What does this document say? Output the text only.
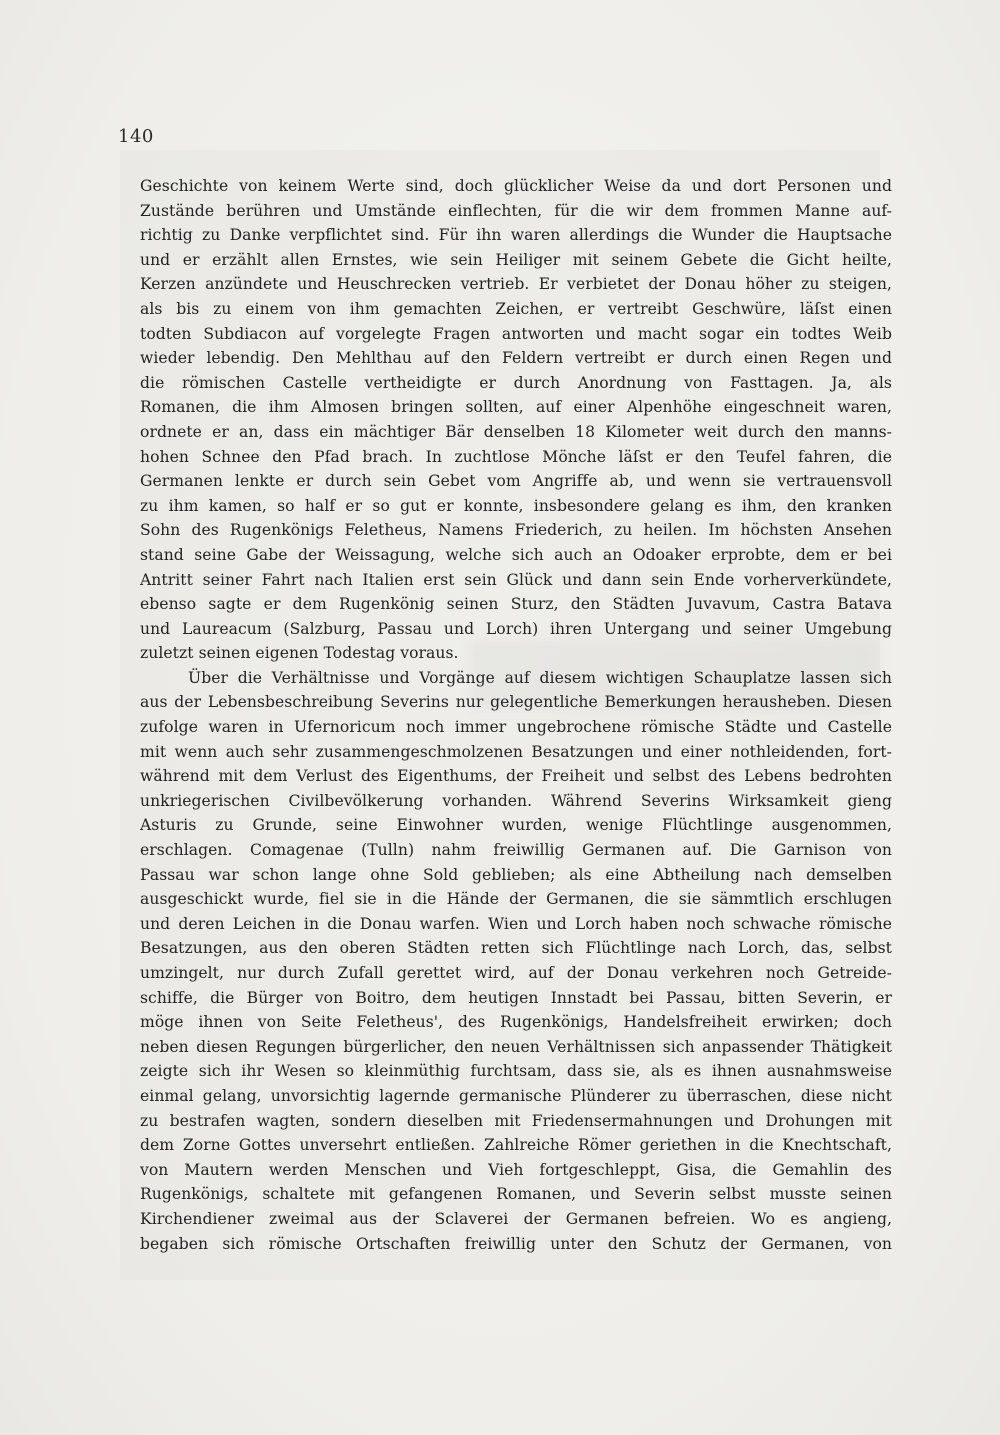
140
Geschichte von keinem Werte sind, doch glücklicher Weise da und dort Personen und
Zustände berühren und Umstände einflechten, für die wir dem frommen Manne auf-
richtig zu Danke verpflichtet sind. Für ihn waren allerdings die Wunder die Hauptsache
und er erzählt allen Ernstes, wie sein Heiliger mit seinem Gebete die Gicht heilte,
Kerzen anzündete und Heuschrecken vertrieb. Er verbietet der Donau höher zu steigen,
als bis zu einem von ihm gemachten Zeichen, er vertreibt Geschwüre, läſst einen
todten Subdiacon auf vorgelegte Fragen antworten und macht sogar ein todtes Weib
wieder lebendig. Den Mehlthau auf den Feldern vertreibt er durch einen Regen und
die römischen Castelle vertheidigte er durch Anordnung von Fasttagen. Ja, als
Romanen, die ihm Almosen bringen sollten, auf einer Alpenhöhe eingeschneit waren,
ordnete er an, dass ein mächtiger Bär denselben 18 Kilometer weit durch den manns-
hohen Schnee den Pfad brach. In zuchtlose Mönche läſst er den Teufel fahren, die
Germanen lenkte er durch sein Gebet vom Angriffe ab, und wenn sie vertrauensvoll
zu ihm kamen, so half er so gut er konnte, insbesondere gelang es ihm, den kranken
Sohn des Rugenkönigs Feletheus, Namens Friederich, zu heilen. Im höchsten Ansehen
stand seine Gabe der Weissagung, welche sich auch an Odoaker erprobte, dem er bei
Antritt seiner Fahrt nach Italien erst sein Glück und dann sein Ende vorherverkündete,
ebenso sagte er dem Rugenkönig seinen Sturz, den Städten Juvavum, Castra Batava
und Laureacum (Salzburg, Passau und Lorch) ihren Untergang und seiner Umgebung
zuletzt seinen eigenen Todestag voraus.
Über die Verhältnisse und Vorgänge auf diesem wichtigen Schauplatze lassen sich
aus der Lebensbeschreibung Severins nur gelegentliche Bemerkungen herausheben. Diesen
zufolge waren in Ufernoricum noch immer ungebrochene römische Städte und Castelle
mit wenn auch sehr zusammengeschmolzenen Besatzungen und einer nothleidenden, fort-
während mit dem Verlust des Eigenthums, der Freiheit und selbst des Lebens bedrohten
unkriegerischen Civilbevölkerung vorhanden. Während Severins Wirksamkeit gieng
Asturis zu Grunde, seine Einwohner wurden, wenige Flüchtlinge ausgenommen,
erschlagen. Comagenae (Tulln) nahm freiwillig Germanen auf. Die Garnison von
Passau war schon lange ohne Sold geblieben; als eine Abtheilung nach demselben
ausgeschickt wurde, fiel sie in die Hände der Germanen, die sie sämmtlich erschlugen
und deren Leichen in die Donau warfen. Wien und Lorch haben noch schwache römische
Besatzungen, aus den oberen Städten retten sich Flüchtlinge nach Lorch, das, selbst
umzingelt, nur durch Zufall gerettet wird, auf der Donau verkehren noch Getreide-
schiffe, die Bürger von Boitro, dem heutigen Innstadt bei Passau, bitten Severin, er
möge ihnen von Seite Feletheus', des Rugenkönigs, Handelsfreiheit erwirken; doch
neben diesen Regungen bürgerlicher, den neuen Verhältnissen sich anpassender Thätigkeit
zeigte sich ihr Wesen so kleinmüthig furchtsam, dass sie, als es ihnen ausnahmsweise
einmal gelang, unvorsichtig lagernde germanische Plünderer zu überraschen, diese nicht
zu bestrafen wagten, sondern dieselben mit Friedensermahnungen und Drohungen mit
dem Zorne Gottes unversehrt entließen. Zahlreiche Römer geriethen in die Knechtschaft,
von Mautern werden Menschen und Vieh fortgeschleppt, Gisa, die Gemahlin des
Rugenkönigs, schaltete mit gefangenen Romanen, und Severin selbst musste seinen
Kirchendiener zweimal aus der Sclaverei der Germanen befreien. Wo es angieng,
begaben sich römische Ortschaften freiwillig unter den Schutz der Germanen, von
